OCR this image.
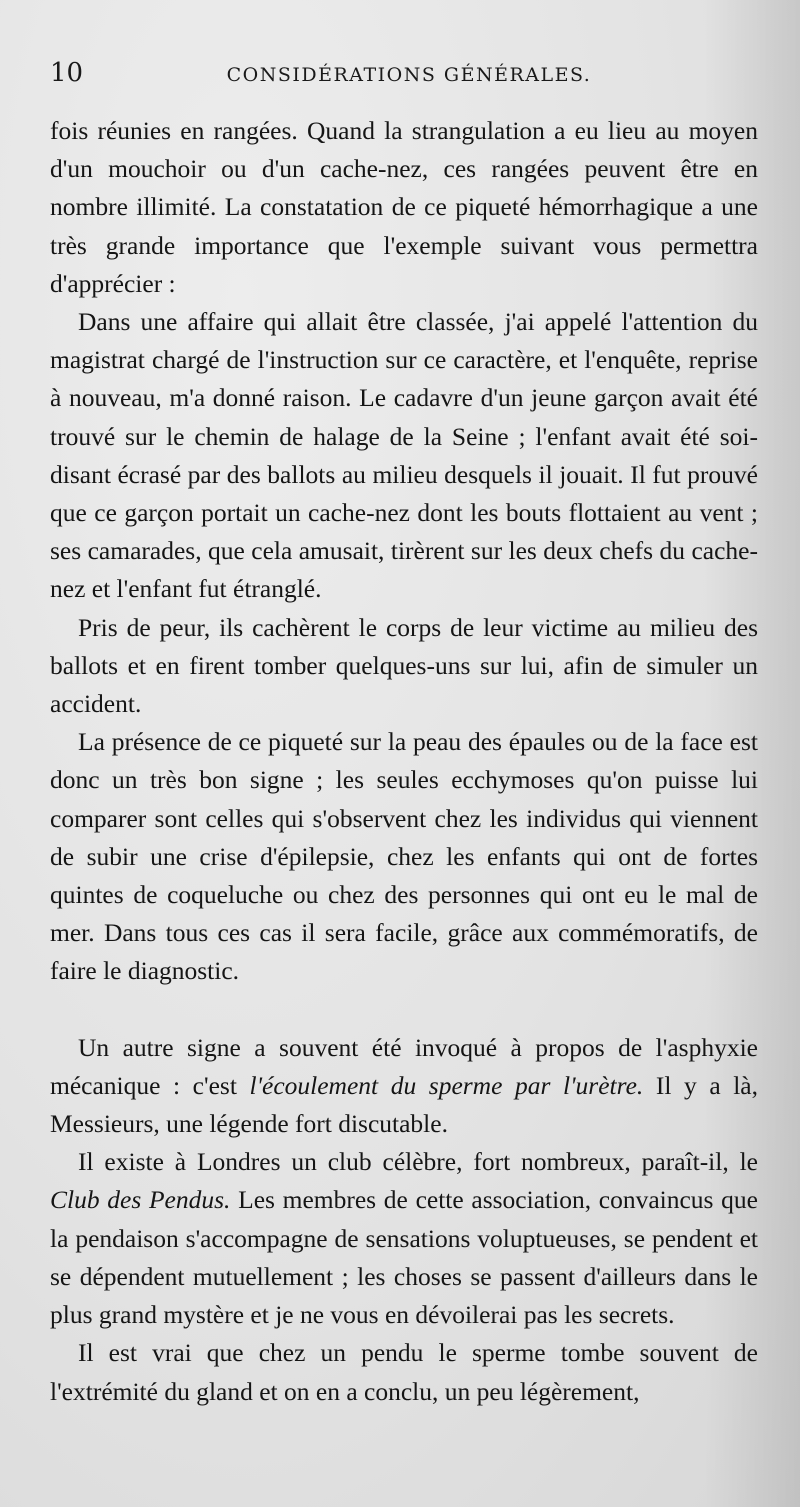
10	CONSIDÉRATIONS GÉNÉRALES.

fois réunies en rangées. Quand la strangulation a eu lieu au moyen d'un mouchoir ou d'un cache-nez, ces rangées peuvent être en nombre illimité. La constatation de ce piqueté hémorrhagique a une très grande importance que l'exemple suivant vous permettra d'apprécier :

Dans une affaire qui allait être classée, j'ai appelé l'attention du magistrat chargé de l'instruction sur ce caractère, et l'enquête, reprise à nouveau, m'a donné raison. Le cadavre d'un jeune garçon avait été trouvé sur le chemin de halage de la Seine ; l'enfant avait été soi-disant écrasé par des ballots au milieu desquels il jouait. Il fut prouvé que ce garçon portait un cache-nez dont les bouts flottaient au vent ; ses camarades, que cela amusait, tirèrent sur les deux chefs du cache-nez et l'enfant fut étranglé.

Pris de peur, ils cachèrent le corps de leur victime au milieu des ballots et en firent tomber quelques-uns sur lui, afin de simuler un accident.

La présence de ce piqueté sur la peau des épaules ou de la face est donc un très bon signe ; les seules ecchymoses qu'on puisse lui comparer sont celles qui s'observent chez les individus qui viennent de subir une crise d'épilepsie, chez les enfants qui ont de fortes quintes de coqueluche ou chez des personnes qui ont eu le mal de mer. Dans tous ces cas il sera facile, grâce aux commémoratifs, de faire le diagnostic.

Un autre signe a souvent été invoqué à propos de l'asphyxie mécanique : c'est l'écoulement du sperme par l'urètre. Il y a là, Messieurs, une légende fort discutable.

Il existe à Londres un club célèbre, fort nombreux, paraît-il, le Club des Pendus. Les membres de cette association, convaincus que la pendaison s'accompagne de sensations voluptueuses, se pendent et se dépendent mutuellement ; les choses se passent d'ailleurs dans le plus grand mystère et je ne vous en dévoilerai pas les secrets.

Il est vrai que chez un pendu le sperme tombe souvent de l'extrémité du gland et on en a conclu, un peu légèrement,
